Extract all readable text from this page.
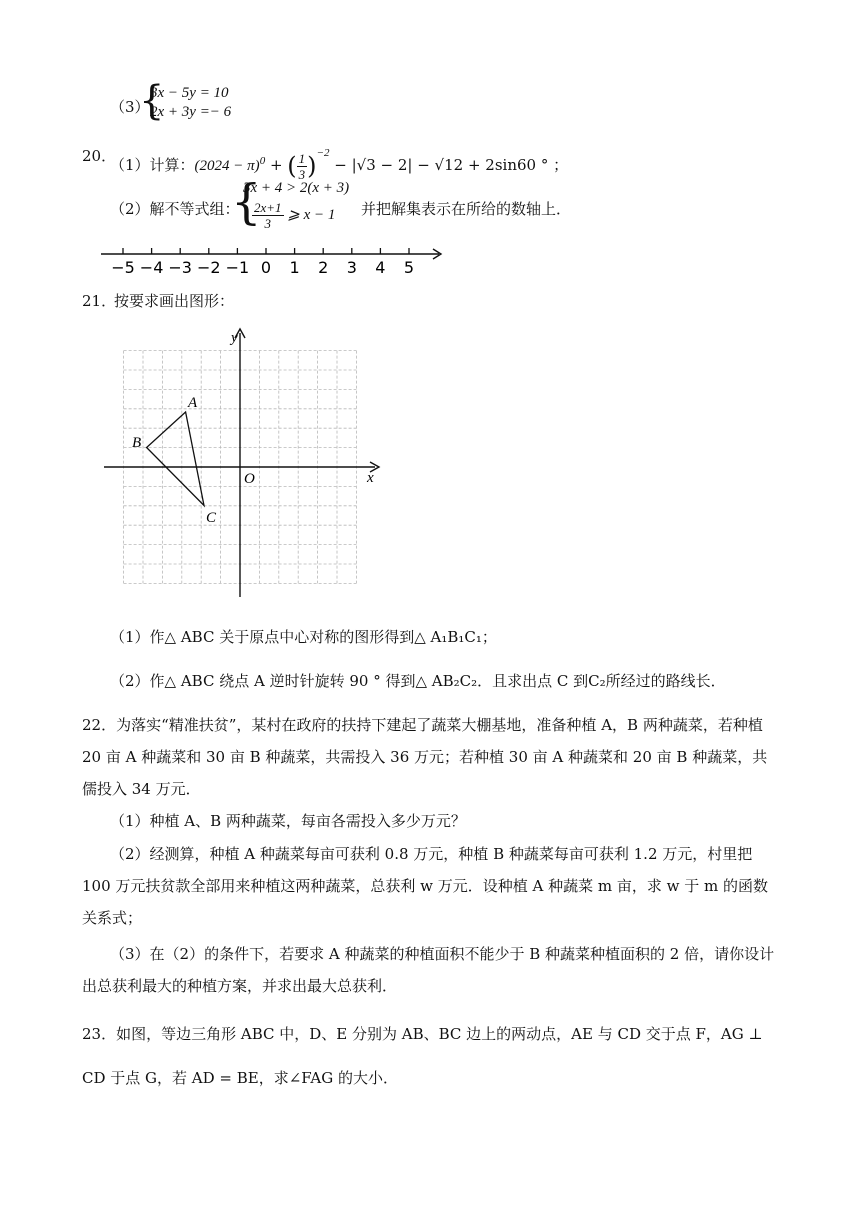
（3）
{
3x − 5y = 10
2x + 3y =− 6
20．
（1）计算：$(2024 - \pi)^0$ + ( $\frac{1}{3} )^{-2} - |√3 - 2| - √12 + 2\sin 60$ ° ；
（2）解不等式组：
{
3x + 4 > 2(x + 3)
$\frac{2x+1}{3}$ ⩾ x − 1 并把解集表示在所给的数轴上．
−5 −4 −3 −2 −1 0 1 2 3 4 5
21．
按要求画出图形：
y
x
O
A
B
C
（1）作△ ABC 关于原点中心对称的图形得到△ A₁B₁C₁；
（2）作△ ABC 绕点 A 逆时针旋转 90 ° 得到△ AB₂C₂．且求出点 C 到C₂所经过的路线长．
22．为落实“精准扶贫”，某村在政府的扶持下建起了蔬菜大棚基地，准备种植 A，B 两种蔬菜，若种植 20 亩 A 种蔬菜和 30 亩 B 种蔬菜，共需投入 36 万元；若种植 30 亩 A 种蔬菜和 20 亩 B 种蔬菜，共儒投入 34 万元．
（1）种植 A、B 两种蔬菜，每亩各需投入多少万元？
（2）经测算，种植 A 种蔬菜每亩可获利 0.8 万元，种植 B 种蔬菜每亩可获利 1.2 万元，村里把 100 万元扶贫款全部用来种植这两种蔬菜，总获利 w 万元．设种植 A 种蔬菜 m 亩，求 w 于 m 的函数关系式；
（3）在（2）的条件下，若要求 A 种蔬菜的种植面积不能少于 B 种蔬菜种植面积的 2 倍，请你设计出总获利最大的种植方案，并求出最大总获利．
23．如图，等边三角形 ABC 中，D、E 分别为 AB、BC 边上的两动点，AE 与 CD 交于点 F，AG ⊥ CD 于点 G，若 AD = BE，求∠FAG 的大小．
